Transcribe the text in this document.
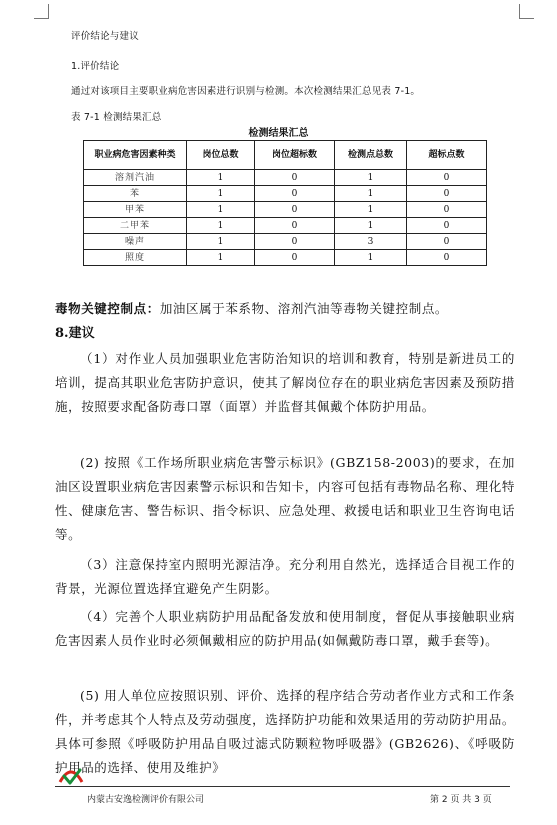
评价结论与建议
1.评价结论
通过对该项目主要职业病危害因素进行识别与检测。本次检测结果汇总见表 7-1。
表 7-1 检测结果汇总
检测结果汇总
职业病危害因素种类	岗位总数	岗位超标数	检测点总数	超标点数
溶剂汽油	1	0	1	0
苯	1	0	1	0
甲苯	1	0	1	0
二甲苯	1	0	1	0
噪声	1	0	3	0
照度	1	0	1	0
毒物关键控制点：加油区属于苯系物、溶剂汽油等毒物关键控制点。
8.建议
（1）对作业人员加强职业危害防治知识的培训和教育，特别是新进员工的培训，提高其职业危害防护意识，使其了解岗位存在的职业病危害因素及预防措施，按照要求配备防毒口罩（面罩）并监督其佩戴个体防护用品。
(2) 按照《工作场所职业病危害警示标识》(GBZ158-2003)的要求，在加油区设置职业病危害因素警示标识和告知卡，内容可包括有毒物品名称、理化特性、健康危害、警告标识、指令标识、应急处理、救援电话和职业卫生咨询电话等。
（3）注意保持室内照明光源洁净。充分利用自然光，选择适合目视工作的背景，光源位置选择宜避免产生阴影。
（4）完善个人职业病防护用品配备发放和使用制度，督促从事接触职业病危害因素人员作业时必须佩戴相应的防护用品(如佩戴防毒口罩，戴手套等)。
(5) 用人单位应按照识别、评价、选择的程序结合劳动者作业方式和工作条件，并考虑其个人特点及劳动强度，选择防护功能和效果适用的劳动防护用品。具体可参照《呼吸防护用品自吸过滤式防颗粒物呼吸器》(GB2626)、《呼吸防护用品的选择、使用及维护》
内蒙古安逸检测评价有限公司	第 2 页 共 3 页
